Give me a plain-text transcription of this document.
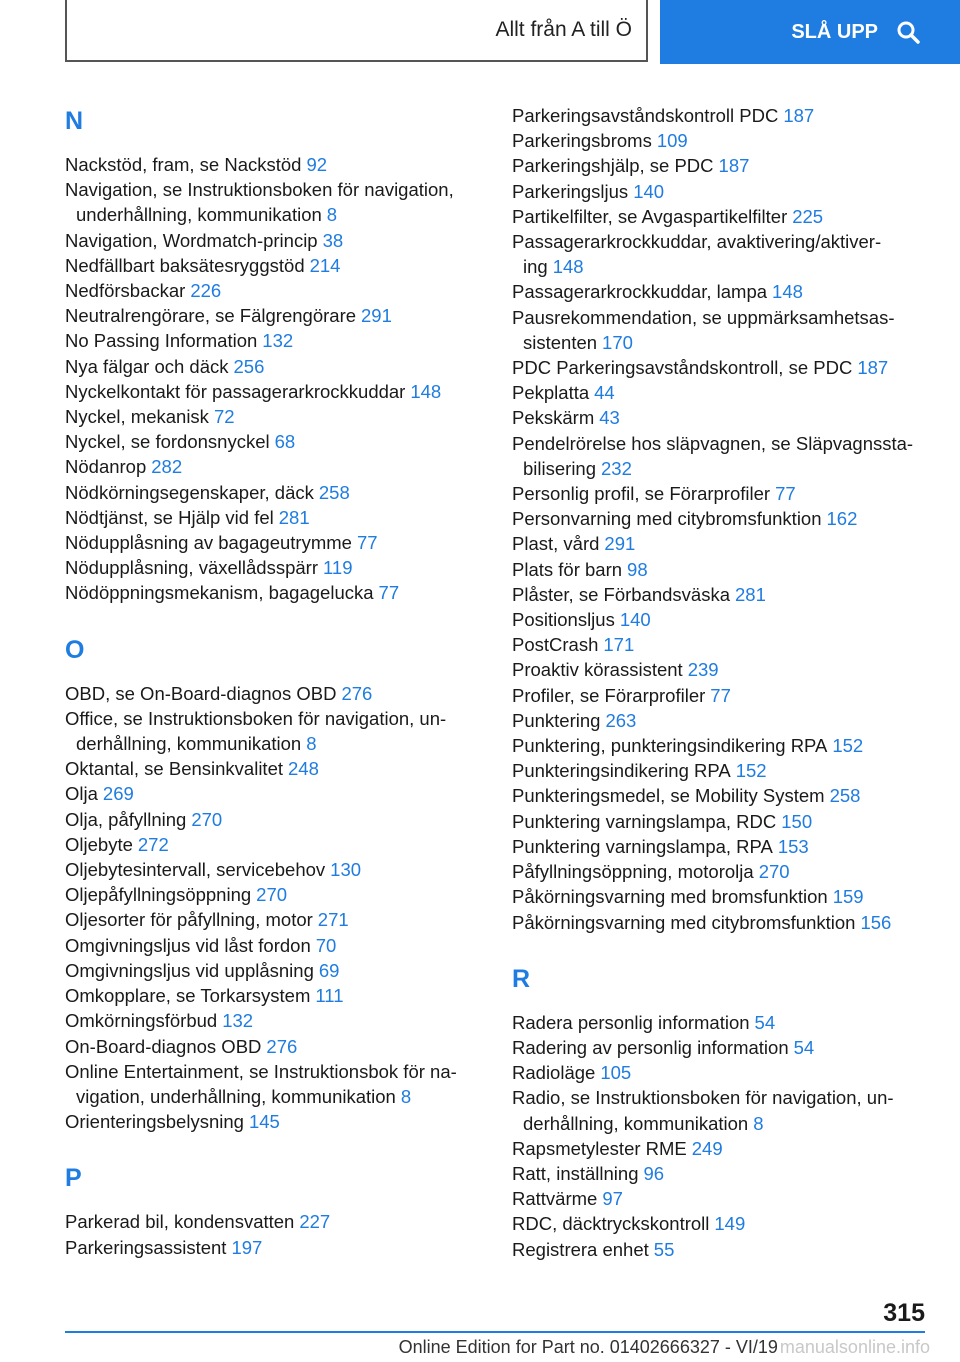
Allt från A till Ö	SLÅ UPP
N
Nackstöd, fram, se Nackstöd 92
Navigation, se Instruktionsboken för navigation,
underhållning, kommunikation 8
Navigation, Wordmatch-princip 38
Nedfällbart baksätesryggstöd 214
Nedförsbackar 226
Neutralrengörare, se Fälgrengörare 291
No Passing Information 132
Nya fälgar och däck 256
Nyckelkontakt för passagerarkrockkuddar 148
Nyckel, mekanisk 72
Nyckel, se fordonsnyckel 68
Nödanrop 282
Nödkörningsegenskaper, däck 258
Nödtjänst, se Hjälp vid fel 281
Nödupplåsning av bagageutrymme 77
Nödupplåsning, växellådsspärr 119
Nödöppningsmekanism, bagagelucka 77
O
OBD, se On-Board-diagnos OBD 276
Office, se Instruktionsboken för navigation, un‐
derhållning, kommunikation 8
Oktantal, se Bensinkvalitet 248
Olja 269
Olja, påfyllning 270
Oljebyte 272
Oljebytesintervall, servicebehov 130
Oljepåfyllningsöppning 270
Oljesorter för påfyllning, motor 271
Omgivningsljus vid låst fordon 70
Omgivningsljus vid upplåsning 69
Omkopplare, se Torkarsystem 111
Omkörningsförbud 132
On-Board-diagnos OBD 276
Online Entertainment, se Instruktionsbok för na‐
vigation, underhållning, kommunikation 8
Orienteringsbelysning 145
P
Parkerad bil, kondensvatten 227
Parkeringsassistent 197
Parkeringsavståndskontroll PDC 187
Parkeringsbroms 109
Parkeringshjälp, se PDC 187
Parkeringsljus 140
Partikelfilter, se Avgaspartikelfilter 225
Passagerarkrockkuddar, avaktivering/aktiver‐
ing 148
Passagerarkrockkuddar, lampa 148
Pausrekommendation, se uppmärksamhetsas‐
sistenten 170
PDC Parkeringsavståndskontroll, se PDC 187
Pekplatta 44
Pekskärm 43
Pendelrörelse hos släpvagnen, se Släpvagnssta‐
bilisering 232
Personlig profil, se Förarprofiler 77
Personvarning med citybromsfunktion 162
Plast, vård 291
Plats för barn 98
Plåster, se Förbandsväska 281
Positionsljus 140
PostCrash 171
Proaktiv körassistent 239
Profiler, se Förarprofiler 77
Punktering 263
Punktering, punkteringsindikering RPA 152
Punkteringsindikering RPA 152
Punkteringsmedel, se Mobility System 258
Punktering varningslampa, RDC 150
Punktering varningslampa, RPA 153
Påfyllningsöppning, motorolja 270
Påkörningsvarning med bromsfunktion 159
Påkörningsvarning med citybromsfunktion 156
R
Radera personlig information 54
Radering av personlig information 54
Radioläge 105
Radio, se Instruktionsboken för navigation, un‐
derhållning, kommunikation 8
Rapsmetylester RME 249
Ratt, inställning 96
Rattvärme 97
RDC, däcktryckskontroll 149
Registrera enhet 55
315
Online Edition for Part no. 01402666327 - VI/19 manualsonline.info
